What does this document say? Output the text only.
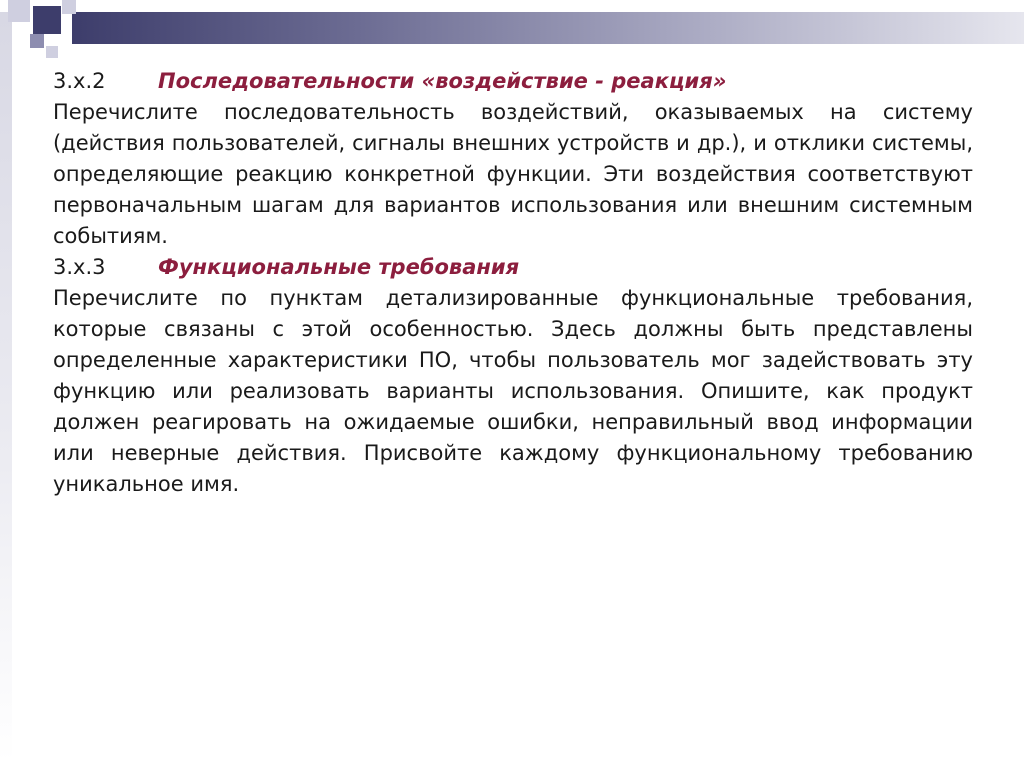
3.x.2	Последовательности «воздействие - реакция»

Перечислите последовательность воздействий, оказываемых на систему (действия пользователей, сигналы внешних устройств и др.), и отклики системы, определяющие реакцию конкретной функции. Эти воздействия соответствуют первоначальным шагам для вариантов использования или внешним системным событиям.

3.x.3	Функциональные требования

Перечислите по пунктам детализированные функциональные требования, которые связаны с этой особенностью. Здесь должны быть представлены определенные характеристики ПО, чтобы пользователь мог задействовать эту функцию или реализовать варианты использования. Опишите, как продукт должен реагировать на ожидаемые ошибки, неправильный ввод информации или неверные действия. Присвойте каждому функциональному требованию уникальное имя.
